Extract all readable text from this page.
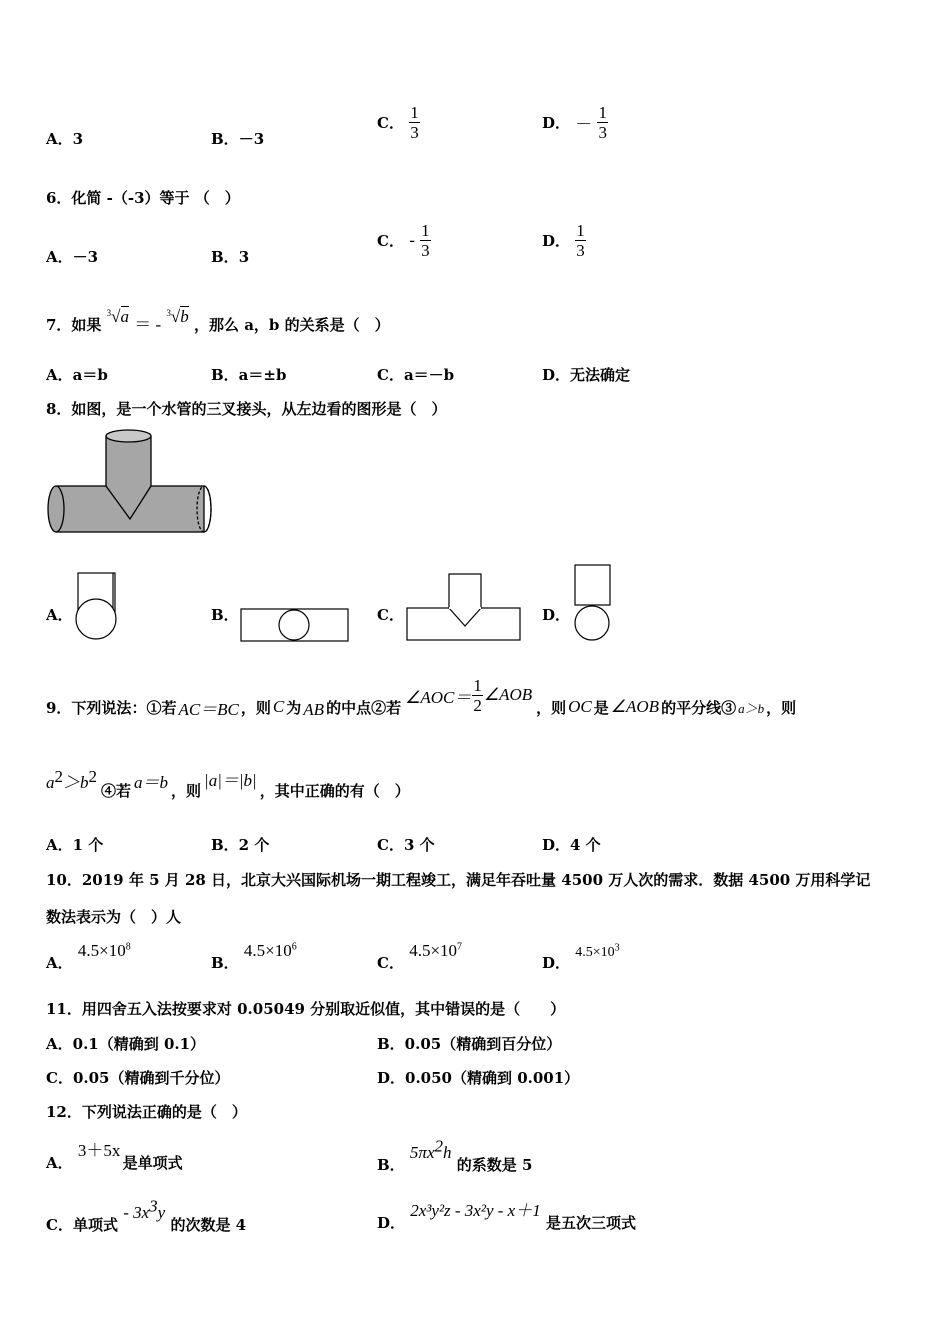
A．3	B．－3
C． $\frac{1}{3}$	D． － $\frac{1}{3}$
6．化简 -（-3）等于 （　）
A．－3	B．3
C． - $\frac{1}{3}$	D． $\frac{1}{3}$
7．如果 $^3$√a ＝ - $^3$√b ，那么 a，b 的关系是（　）
A．a＝b	B．a＝±b	C．a＝－b	D．无法确定
8．如图，是一个水管的三叉接头，从左边看的图形是（　）
A．	B．	C．	D．
9．下列说法：①若 AC＝BC ，则 C 为 AB 的中点②若
∠AOC＝ $\frac{1}{2}$ ∠AOB
，则 OC 是 ∠AOB 的平分线③ a＞b ，则
$a^2>b^2$
④若 a＝b ，则
|a|＝|b|
，其中正确的有（　）
A．1 个	B．2 个	C．3 个	D．4 个
10．2019 年 5 月 28 日，北京大兴国际机场一期工程竣工，满足年吞吐量 4500 万人次的需求．数据 4500 万用科学记
数法表示为（　）人
A． $4.5\times 10^8$
B． $4.5\times 10^6$
C． $4.5\times 10^7$
D． $4.5\times 10^3$
11．用四舍五入法按要求对 0.05049 分别取近似值，其中错误的是（　　）
A．0.1（精确到 0.1）	B．0.05（精确到百分位）
C．0.05（精确到千分位）	D．0.050（精确到 0.001）
12．下列说法正确的是（　）
A． 3＋5x 是单项式	B． $5\pi x^2h$ 的系数是 5
C．单项式 - $3x^3y$ 的次数是 4	D． 2x³y²z - 3x²y - x＋1 是五次三项式
